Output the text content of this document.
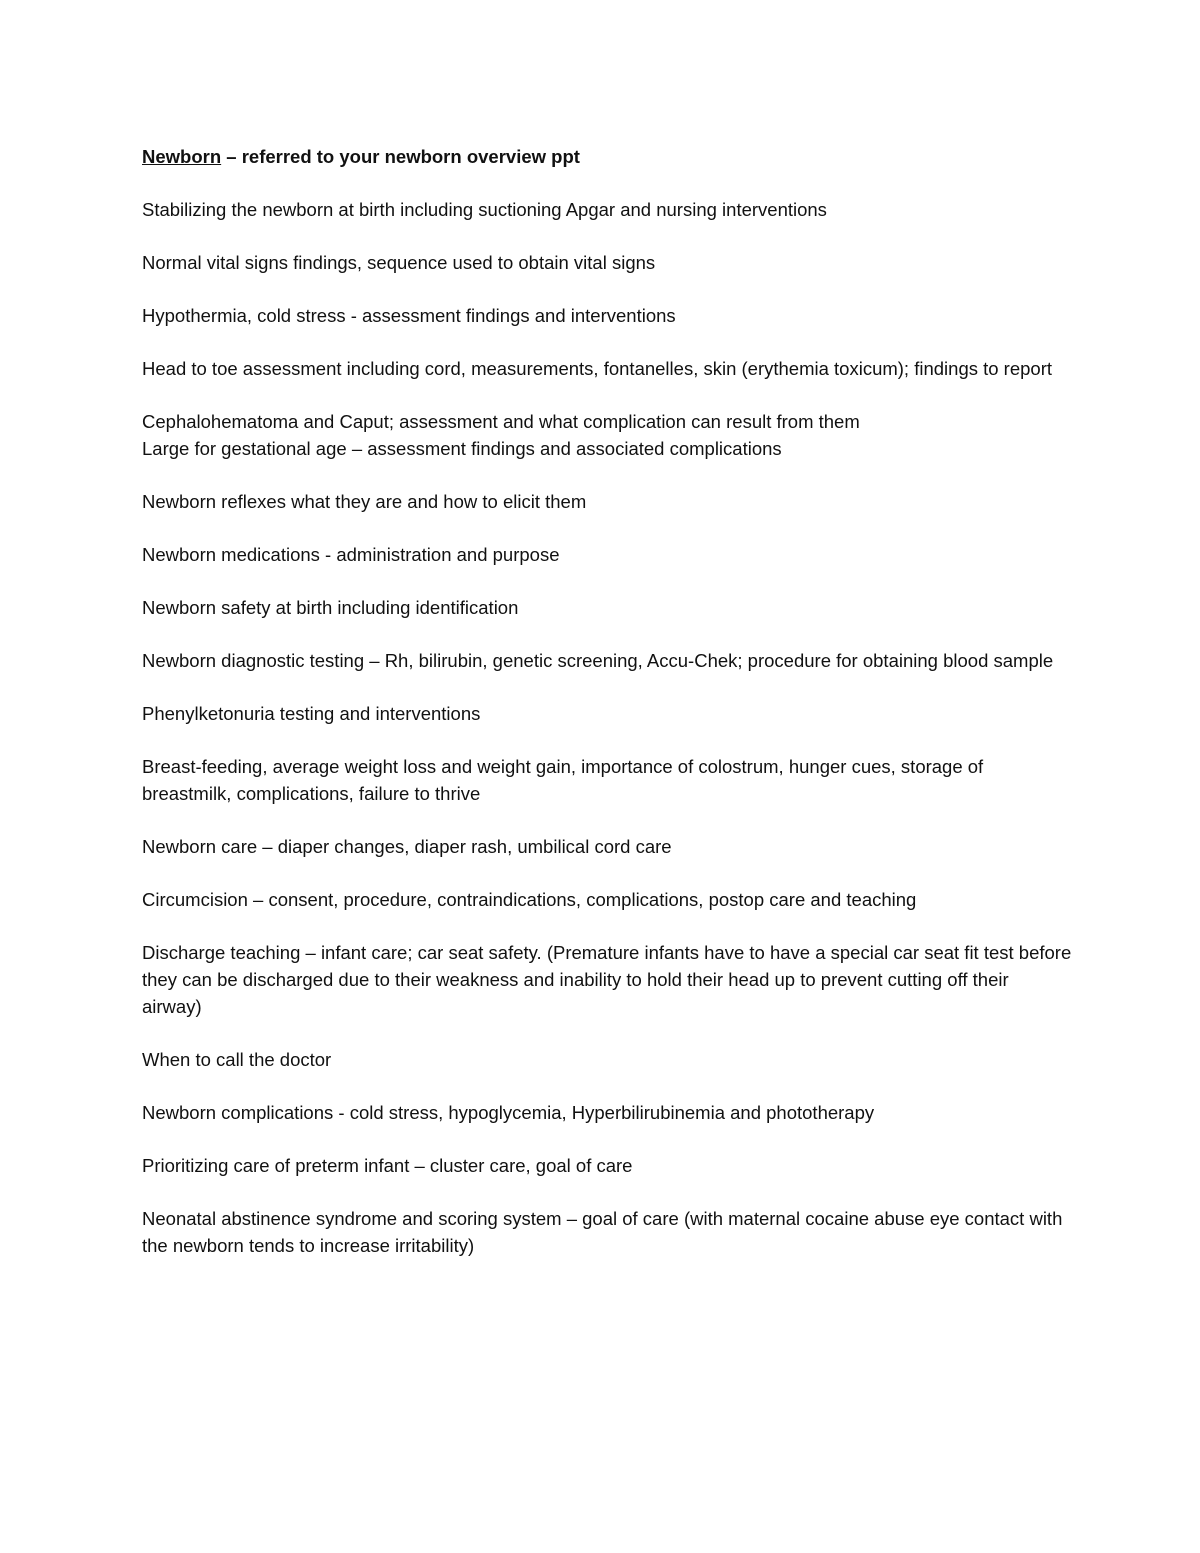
Newborn – referred to your newborn overview ppt
Stabilizing the newborn at birth including suctioning Apgar and nursing interventions
Normal vital signs findings, sequence used to obtain vital signs
Hypothermia, cold stress - assessment findings and interventions
Head to toe assessment including cord, measurements, fontanelles, skin (erythemia toxicum); findings to report
Cephalohematoma and Caput; assessment and what complication can result from them
Large for gestational age – assessment findings and associated complications
Newborn reflexes what they are and how to elicit them
Newborn medications - administration and purpose
Newborn safety at birth including identification
Newborn diagnostic testing – Rh, bilirubin, genetic screening, Accu-Chek; procedure for obtaining blood sample
Phenylketonuria testing and interventions
Breast-feeding, average weight loss and weight gain, importance of colostrum, hunger cues, storage of breastmilk, complications, failure to thrive
Newborn care – diaper changes, diaper rash, umbilical cord care
Circumcision – consent, procedure, contraindications, complications, postop care and teaching
Discharge teaching – infant care; car seat safety. (Premature infants have to have a special car seat fit test before they can be discharged due to their weakness and inability to hold their head up to prevent cutting off their airway)
When to call the doctor
Newborn complications - cold stress, hypoglycemia, Hyperbilirubinemia and phototherapy
Prioritizing care of preterm infant – cluster care, goal of care
Neonatal abstinence syndrome and scoring system – goal of care (with maternal cocaine abuse eye contact with the newborn tends to increase irritability)
